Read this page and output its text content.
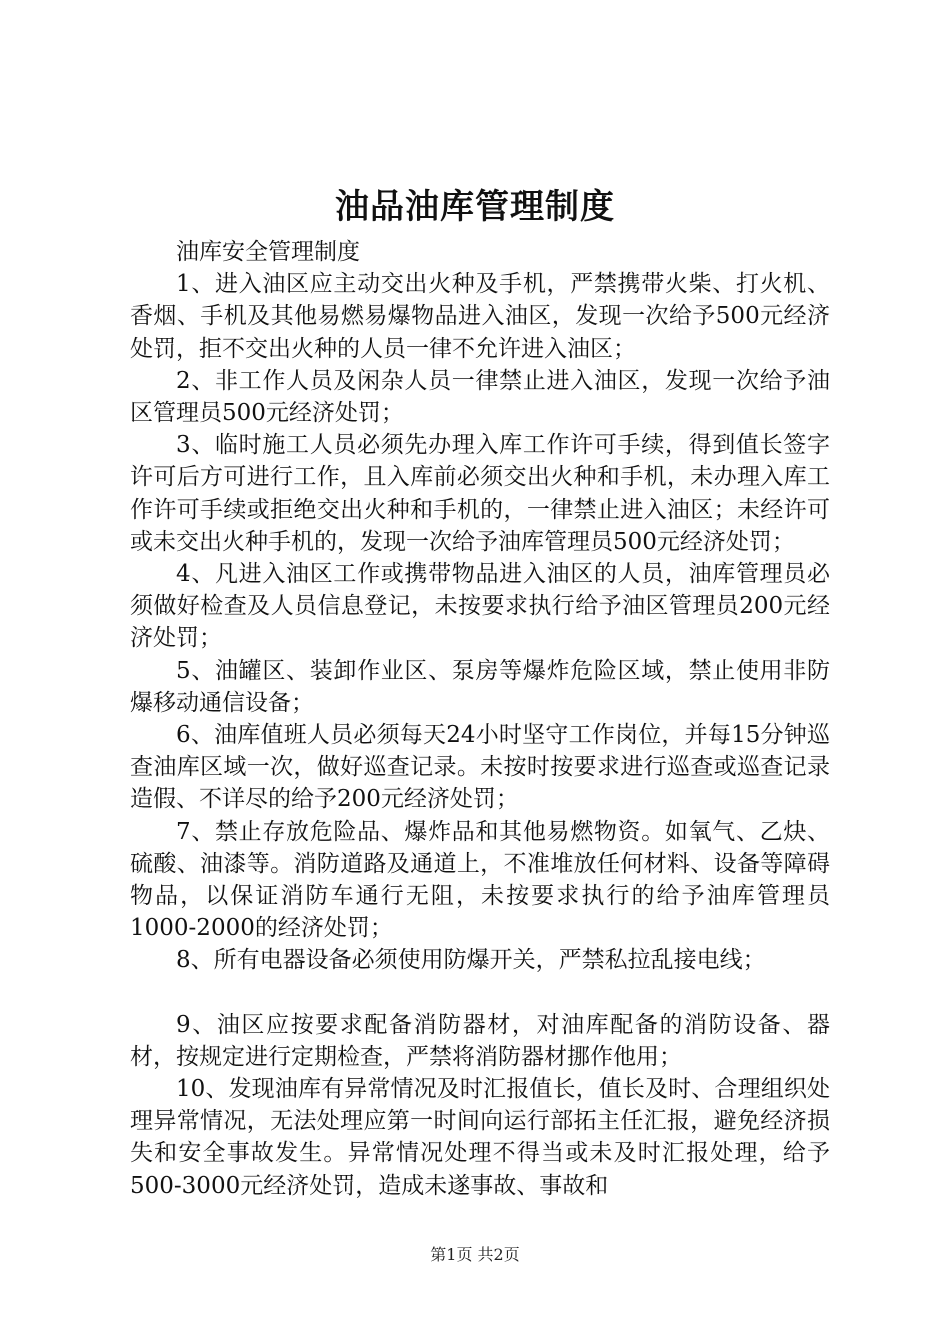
油品油库管理制度

油库安全管理制度

1、进入油区应主动交出火种及手机，严禁携带火柴、打火机、香烟、手机及其他易燃易爆物品进入油区，发现一次给予500元经济处罚，拒不交出火种的人员一律不允许进入油区；

2、非工作人员及闲杂人员一律禁止进入油区，发现一次给予油区管理员500元经济处罚；

3、临时施工人员必须先办理入库工作许可手续，得到值长签字许可后方可进行工作，且入库前必须交出火种和手机，未办理入库工作许可手续或拒绝交出火种和手机的，一律禁止进入油区；未经许可或未交出火种手机的，发现一次给予油库管理员500元经济处罚；

4、凡进入油区工作或携带物品进入油区的人员，油库管理员必须做好检查及人员信息登记，未按要求执行给予油区管理员200元经济处罚；

5、油罐区、装卸作业区、泵房等爆炸危险区域，禁止使用非防爆移动通信设备；

6、油库值班人员必须每天24小时坚守工作岗位，并每15分钟巡查油库区域一次，做好巡查记录。未按时按要求进行巡查或巡查记录造假、不详尽的给予200元经济处罚；

7、禁止存放危险品、爆炸品和其他易燃物资。如氧气、乙炔、硫酸、油漆等。消防道路及通道上，不准堆放任何材料、设备等障碍物品，以保证消防车通行无阻，未按要求执行的给予油库管理员1000-2000的经济处罚；

8、所有电器设备必须使用防爆开关，严禁私拉乱接电线；

9、油区应按要求配备消防器材，对油库配备的消防设备、器材，按规定进行定期检查，严禁将消防器材挪作他用；

10、发现油库有异常情况及时汇报值长，值长及时、合理组织处理异常情况，无法处理应第一时间向运行部拓主任汇报，避免经济损失和安全事故发生。异常情况处理不得当或未及时汇报处理，给予500-3000元经济处罚，造成未遂事故、事故和

第1页 共2页
